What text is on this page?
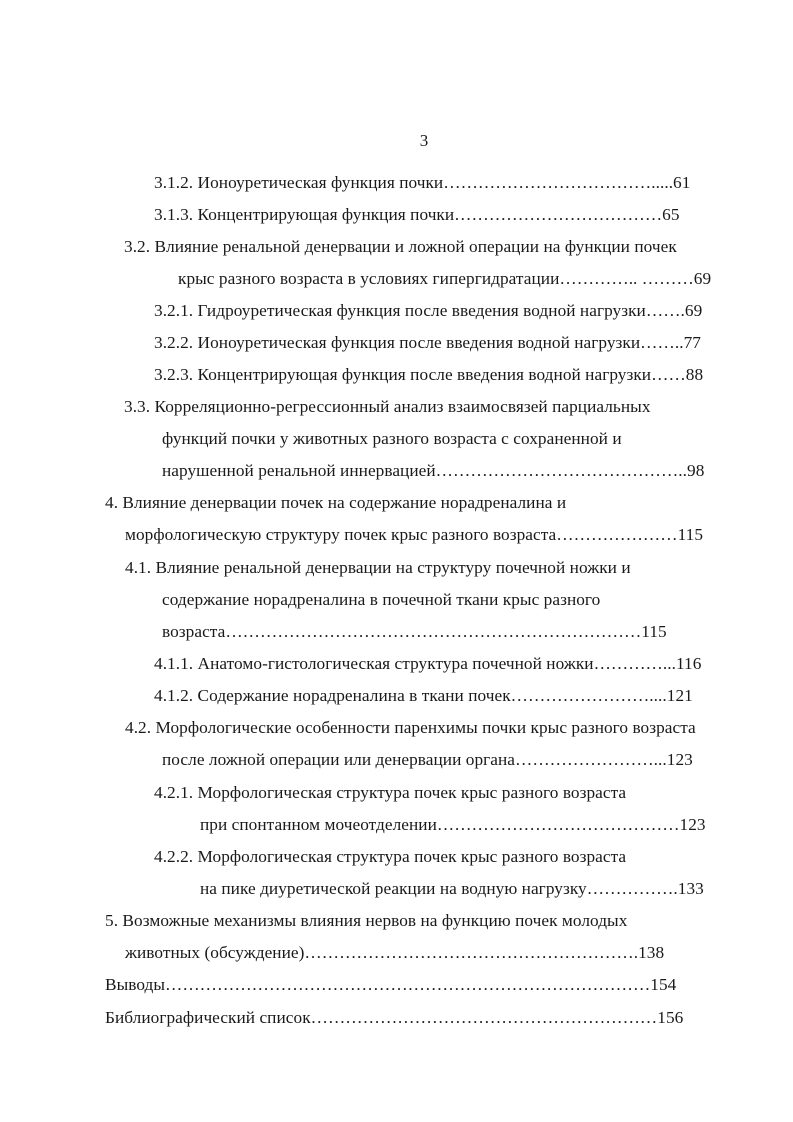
3
3.1.2. Ионоуретическая функция почки……………………………….....61
3.1.3. Концентрирующая функция почки………………………………65
3.2. Влияние ренальной денервации и ложной операции на функции почек
крыс разного возраста в условиях гипергидратации………….. ………69
3.2.1. Гидроуретическая функция после введения водной нагрузки…….69
3.2.2. Ионоуретическая функция после введения водной нагрузки……..77
3.2.3. Концентрирующая функция после введения водной нагрузки……88
3.3. Корреляционно-регрессионный анализ взаимосвязей парциальных
функций почки у животных разного возраста с сохраненной и
нарушенной ренальной иннервацией……………………………………..98
4. Влияние денервации почек на содержание норадреналина и
морфологическую структуру почек крыс разного возраста…………………115
4.1. Влияние ренальной денервации на структуру почечной ножки и
содержание норадреналина в почечной ткани крыс разного
возраста………………………………………………………………115
4.1.1. Анатомо-гистологическая структура почечной ножки…………...116
4.1.2. Содержание норадреналина в ткани почек……………………....121
4.2. Морфологические особенности паренхимы почки крыс разного возраста
после ложной операции или денервации органа……………………...123
4.2.1. Морфологическая структура почек крыс разного возраста
при спонтанном мочеотделении……………………………………123
4.2.2. Морфологическая структура почек крыс разного возраста
на пике диуретической реакции на водную нагрузку…………….133
5. Возможные механизмы влияния нервов на функцию почек молодых
животных (обсуждение)………………………………………………….138
Выводы…………………………………………………………………………154
Библиографический список……………………………………………………156
